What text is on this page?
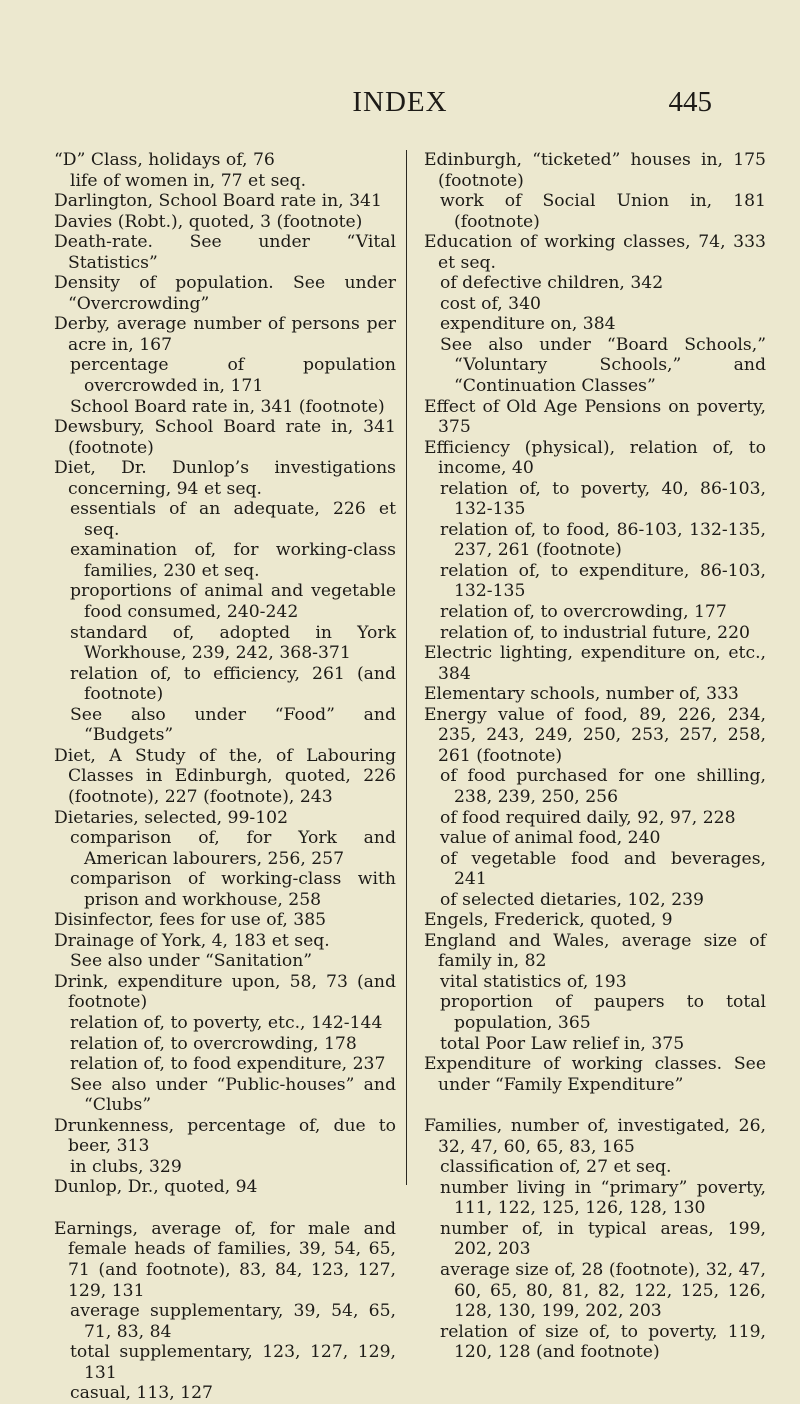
INDEX	445
“D” Class, holidays of, 76
life of women in, 77 et seq.
Darlington, School Board rate in, 341
Davies (Robt.), quoted, 3 (footnote)
Death-rate. See under “Vital Statistics”
Density of population. See under “Overcrowding”
Derby, average number of persons per acre in, 167
percentage of population overcrowded in, 171
School Board rate in, 341 (footnote)
Dewsbury, School Board rate in, 341 (footnote)
Diet, Dr. Dunlop’s investigations concerning, 94 et seq.
essentials of an adequate, 226 et seq.
examination of, for working-class families, 230 et seq.
proportions of animal and vegetable food consumed, 240-242
standard of, adopted in York Workhouse, 239, 242, 368-371
relation of, to efficiency, 261 (and footnote)
See also under “Food” and “Budgets”
Diet, A Study of the, of Labouring Classes in Edinburgh, quoted, 226 (footnote), 227 (footnote), 243
Dietaries, selected, 99-102
comparison of, for York and American labourers, 256, 257
comparison of working-class with prison and workhouse, 258
Disinfector, fees for use of, 385
Drainage of York, 4, 183 et seq.
See also under “Sanitation”
Drink, expenditure upon, 58, 73 (and footnote)
relation of, to poverty, etc., 142-144
relation of, to overcrowding, 178
relation of, to food expenditure, 237
See also under “Public-houses” and “Clubs”
Drunkenness, percentage of, due to beer, 313
in clubs, 329
Dunlop, Dr., quoted, 94
Earnings, average of, for male and female heads of families, 39, 54, 65, 71 (and footnote), 83, 84, 123, 127, 129, 131
average supplementary, 39, 54, 65, 71, 83, 84
total supplementary, 123, 127, 129, 131
casual, 113, 127
Edinburgh, “ticketed” houses in, 175 (footnote)
work of Social Union in, 181 (footnote)
Education of working classes, 74, 333 et seq.
of defective children, 342
cost of, 340
expenditure on, 384
See also under “Board Schools,” “Voluntary Schools,” and “Continuation Classes”
Effect of Old Age Pensions on poverty, 375
Efficiency (physical), relation of, to income, 40
relation of, to poverty, 40, 86-103, 132-135
relation of, to food, 86-103, 132-135, 237, 261 (footnote)
relation of, to expenditure, 86-103, 132-135
relation of, to overcrowding, 177
relation of, to industrial future, 220
Electric lighting, expenditure on, etc., 384
Elementary schools, number of, 333
Energy value of food, 89, 226, 234, 235, 243, 249, 250, 253, 257, 258, 261 (footnote)
of food purchased for one shilling, 238, 239, 250, 256
of food required daily, 92, 97, 228
value of animal food, 240
of vegetable food and beverages, 241
of selected dietaries, 102, 239
Engels, Frederick, quoted, 9
England and Wales, average size of family in, 82
vital statistics of, 193
proportion of paupers to total population, 365
total Poor Law relief in, 375
Expenditure of working classes. See under “Family Expenditure”
Families, number of, investigated, 26, 32, 47, 60, 65, 83, 165
classification of, 27 et seq.
number living in “primary” poverty, 111, 122, 125, 126, 128, 130
number of, in typical areas, 199, 202, 203
average size of, 28 (footnote), 32, 47, 60, 65, 80, 81, 82, 122, 125, 126, 128, 130, 199, 202, 203
relation of size of, to poverty, 119, 120, 128 (and footnote)
